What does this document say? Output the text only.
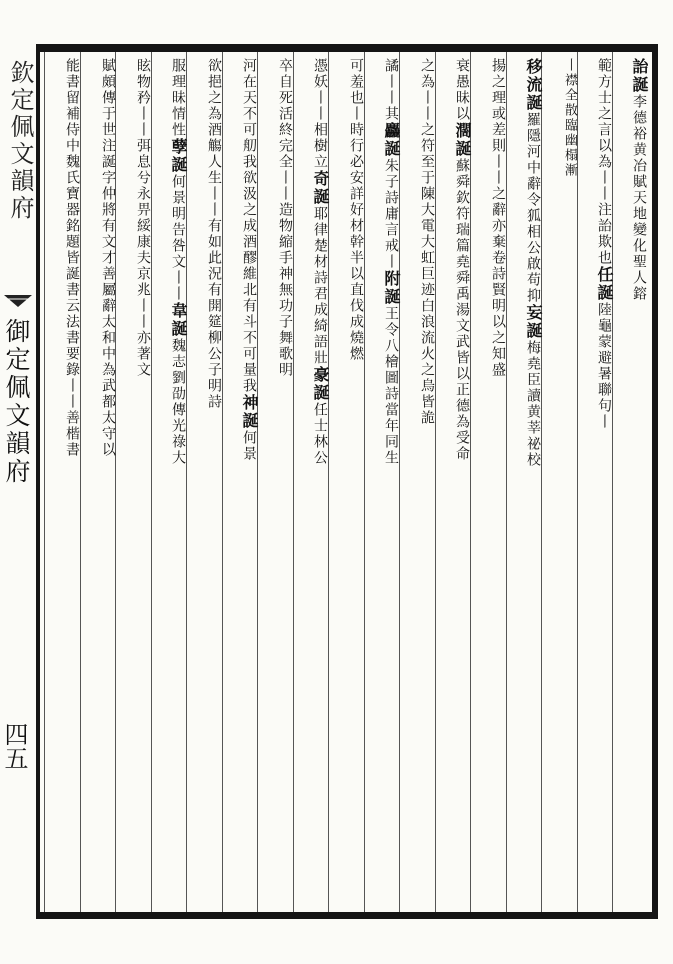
欽定佩文韻府
御定佩文韻府
四五
詒誕李德裕黄冶賦天地變化聖人鎔
範方士之言以為丨丨注詒欺也任誕陸龜蒙避暑聯句丨
丨襟全散臨幽榻漸
移流誕羅隱河中辭令狐相公啟苟抑妄誕梅堯臣讀黄莘祕校
揚之理或差則丨丨之辭亦棄卷詩賢明以之知盛
衰愚昧以濶誕蘇舜欽符瑞篇堯舜禹湯文武皆以正德為受命
之為丨丨之符至于陳大電大虹巨迹白浪流火之烏皆詭
譎丨丨其麤誕朱子詩庸言戒丨附誕王令八檜圖詩當年同生
可羞也丨時行必安詳好材幹半以直伐成燒燃
憑妖丨丨相樹立奇誕耶律楚材詩君成綺語壯豪誕任士林公
卒自死活終完全丨丨造物縮手神無功子舞歌明
河在天不可舠我欲汲之成酒醪維北有斗不可量我神誕何景
欲挹之為酒觴人生丨丨有如此況有開筵柳公子明詩
服理昧情性孽誕何景明告咎文丨丨韋誕魏志劉劭傳光祿大
眩物矜丨丨弭息兮永畀綏康夫京兆丨丨亦著文
賦頗傳于世注誕字仲將有文才善屬辭太和中為武都太守以
能書留補侍中魏氏寶器銘題皆誕書云法書要錄丨丨善楷書
